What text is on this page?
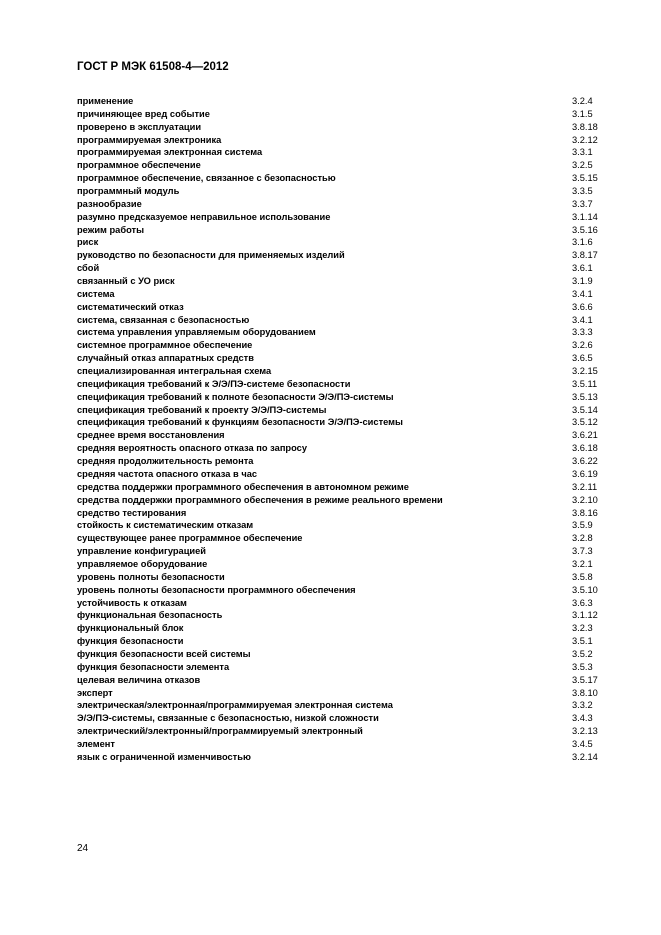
ГОСТ Р МЭК 61508-4—2012
применение	3.2.4
причиняющее вред событие	3.1.5
проверено в эксплуатации	3.8.18
программируемая электроника	3.2.12
программируемая электронная система	3.3.1
программное обеспечение	3.2.5
программное обеспечение, связанное с безопасностью	3.5.15
программный модуль	3.3.5
разнообразие	3.3.7
разумно предсказуемое неправильное использование	3.1.14
режим работы	3.5.16
риск	3.1.6
руководство по безопасности для применяемых изделий	3.8.17
сбой	3.6.1
связанный с УО риск	3.1.9
система	3.4.1
систематический отказ	3.6.6
система, связанная с безопасностью	3.4.1
система управления управляемым оборудованием	3.3.3
системное программное обеспечение	3.2.6
случайный отказ аппаратных средств	3.6.5
специализированная интегральная схема	3.2.15
спецификация требований к Э/Э/ПЭ-системе безопасности	3.5.11
спецификация требований к полноте безопасности Э/Э/ПЭ-системы	3.5.13
спецификация требований к проекту Э/Э/ПЭ-системы	3.5.14
спецификация требований к функциям безопасности Э/Э/ПЭ-системы	3.5.12
среднее время восстановления	3.6.21
средняя вероятность опасного отказа по запросу	3.6.18
средняя продолжительность ремонта	3.6.22
средняя частота опасного отказа в час	3.6.19
средства поддержки программного обеспечения в автономном режиме	3.2.11
средства поддержки программного обеспечения в режиме реального времени	3.2.10
средство тестирования	3.8.16
стойкость к систематическим отказам	3.5.9
существующее ранее программное обеспечение	3.2.8
управление конфигурацией	3.7.3
управляемое оборудование	3.2.1
уровень полноты безопасности	3.5.8
уровень полноты безопасности программного обеспечения	3.5.10
устойчивость к отказам	3.6.3
функциональная безопасность	3.1.12
функциональный блок	3.2.3
функция безопасности	3.5.1
функция безопасности всей системы	3.5.2
функция безопасности элемента	3.5.3
целевая величина отказов	3.5.17
эксперт	3.8.10
электрическая/электронная/программируемая электронная система	3.3.2
Э/Э/ПЭ-системы, связанные с безопасностью, низкой сложности	3.4.3
электрический/электронный/программируемый электронный	3.2.13
элемент	3.4.5
язык с ограниченной изменчивостью	3.2.14
24
